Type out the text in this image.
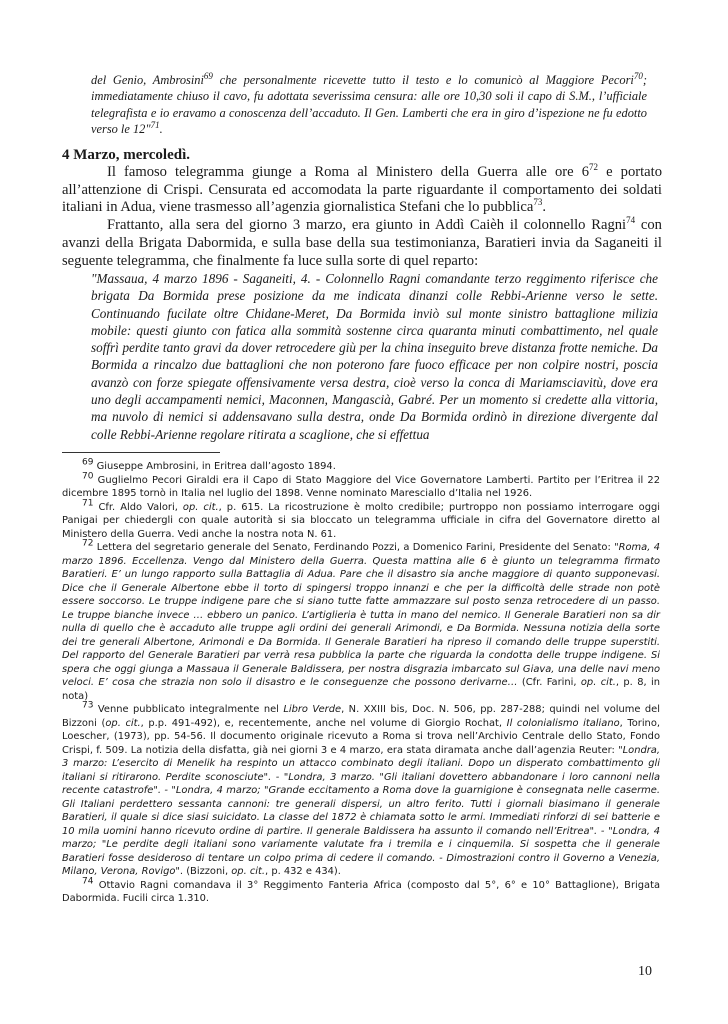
del Genio, Ambrosini$^{69}$ che personalmente ricevette tutto il testo e lo comunicò al Maggiore Pecori$^{70}$; immediatamente chiuso il cavo, fu adottata severissima censura: alle ore 10,30 soli il capo di S.M., l’ufficiale telegrafista e io eravamo a conoscenza dell’accaduto. Il Gen. Lamberti che era in giro d’ispezione ne fu edotto verso le 12"$^{71}$.
4 Marzo, mercoledì.

Il famoso telegramma giunge a Roma al Ministero della Guerra alle ore $6^{72}$ e portato all’attenzione di Crispi. Censurata ed accomodata la parte riguardante il comportamento dei soldati italiani in Adua, viene trasmesso all’agenzia giornalistica Stefani che lo pubblica$^{73}$.

Frattanto, alla sera del giorno 3 marzo, era giunto in Addì Caièh il colonnello Ragni$^{74}$ con avanzi della Brigata Dabormida, e sulla base della sua testimonianza, Baratieri invia da Saganeiti il seguente telegramma, che finalmente fa luce sulla sorte di quel reparto:

"Massaua, 4 marzo 1896 - Saganeiti, 4. - Colonnello Ragni comandante terzo reggimento riferisce che brigata Da Bormida prese posizione da me indicata dinanzi colle Rebbi-Arienne verso le sette. Continuando fucilate oltre Chidane-Meret, Da Bormida inviò sul monte sinistro battaglione milizia mobile: questi giunto con fatica alla sommità sostenne circa quaranta minuti combattimento, nel quale soffrì perdite tanto gravi da dover retrocedere giù per la china inseguito breve distanza frotte nemiche. Da Bormida a rincalzo due battaglioni che non poterono fare fuoco efficace per non colpire nostri, poscia avanzò con forze spiegate offensivamente versa destra, cioè verso la conca di Mariamsciavitù, dove era uno degli accampamenti nemici, Maconnen, Mangascià, Gabré. Per un momento si credette alla vittoria, ma nuvolo di nemici si addensavano sulla destra, onde Da Bormida ordinò in direzione divergente dal colle Rebbi-Arienne regolare ritirata a scaglione, che si effettua

$^{69}$ Giuseppe Ambrosini, in Eritrea dall’agosto 1894.

$^{70}$ Guglielmo Pecori Giraldi era il Capo di Stato Maggiore del Vice Governatore Lamberti. Partito per l’Eritrea il 22 dicembre 1895 tornò in Italia nel luglio del 1898. Venne nominato Maresciallo d’Italia nel 1926.

$^{71}$ Cfr. Aldo Valori, op. cit., p. 615. La ricostruzione è molto credibile; purtroppo non possiamo interrogare oggi Panigai per chiedergli con quale autorità si sia bloccato un telegramma ufficiale in cifra del Governatore diretto al Ministero della Guerra. Vedi anche la nostra nota N. 61.

$^{72}$ Lettera del segretario generale del Senato, Ferdinando Pozzi, a Domenico Farini, Presidente del Senato: "Roma, 4 marzo 1896. Eccellenza. Vengo dal Ministero della Guerra. Questa mattina alle 6 è giunto un telegramma firmato Baratieri. E’ un lungo rapporto sulla Battaglia di Adua. Pare che il disastro sia anche maggiore di quanto supponevasi. Dice che il Generale Albertone ebbe il torto di spingersi troppo innanzi e che per la difficoltà delle strade non potè essere soccorso. Le truppe indigene pare che si siano tutte fatte ammazzare sul posto senza retrocedere di un passo. Le truppe bianche invece … ebbero un panico. L’artiglieria è tutta in mano del nemico. Il Generale Baratieri non sa dir nulla di quello che è accaduto alle truppe agli ordini dei generali Arimondi, e Da Bormida. Nessuna notizia della sorte dei tre generali Albertone, Arimondi e Da Bormida. Il Generale Baratieri ha ripreso il comando delle truppe superstiti. Del rapporto del Generale Baratieri par verrà resa pubblica la parte che riguarda la condotta delle truppe indigene. Si spera che oggi giunga a Massaua il Generale Baldissera, per nostra disgrazia imbarcato sul Giava, una delle navi meno veloci. E’ cosa che strazia non solo il disastro e le conseguenze che possono derivarne… (Cfr. Farini, op. cit., p. 8, in nota)

$^{73}$ Venne pubblicato integralmente nel Libro Verde, N. XXIII bis, Doc. N. 506, pp. 287-288; quindi nel volume del Bizzoni (op. cit., p.p. 491-492), e, recentemente, anche nel volume di Giorgio Rochat, Il colonialismo italiano, Torino, Loescher, (1973), pp. 54-56. Il documento originale ricevuto a Roma si trova nell’Archivio Centrale dello Stato, Fondo Crispi, f. 509. La notizia della disfatta, già nei giorni 3 e 4 marzo, era stata diramata anche dall’agenzia Reuter: "Londra, 3 marzo: L’esercito di Menelik ha respinto un attacco combinato degli italiani. Dopo un disperato combattimento gli italiani si ritirarono. Perdite sconosciute". - "Londra, 3 marzo. "Gli italiani dovettero abbandonare i loro cannoni nella recente catastrofe". - "Londra, 4 marzo; "Grande eccitamento a Roma dove la guarnigione è consegnata nelle caserme. Gli Italiani perdettero sessanta cannoni: tre generali dispersi, un altro ferito. Tutti i giornali biasimano il generale Baratieri, il quale si dice siasi suicidato. La classe del 1872 è chiamata sotto le armi. Immediati rinforzi di sei batterie e 10 mila uomini hanno ricevuto ordine di partire. Il generale Baldissera ha assunto il comando nell’Eritrea". - "Londra, 4 marzo; "Le perdite degli italiani sono variamente valutate fra i tremila e i cinquemila. Si sospetta che il generale Baratieri fosse desideroso di tentare un colpo prima di cedere il comando. - Dimostrazioni contro il Governo a Venezia, Milano, Verona, Rovigo". (Bizzoni, op. cit., p. 432 e 434).

$^{74}$ Ottavio Ragni comandava il 3° Reggimento Fanteria Africa (composto dal 5°, 6° e 10° Battaglione), Brigata Dabormida. Fucili circa 1.310.

10
